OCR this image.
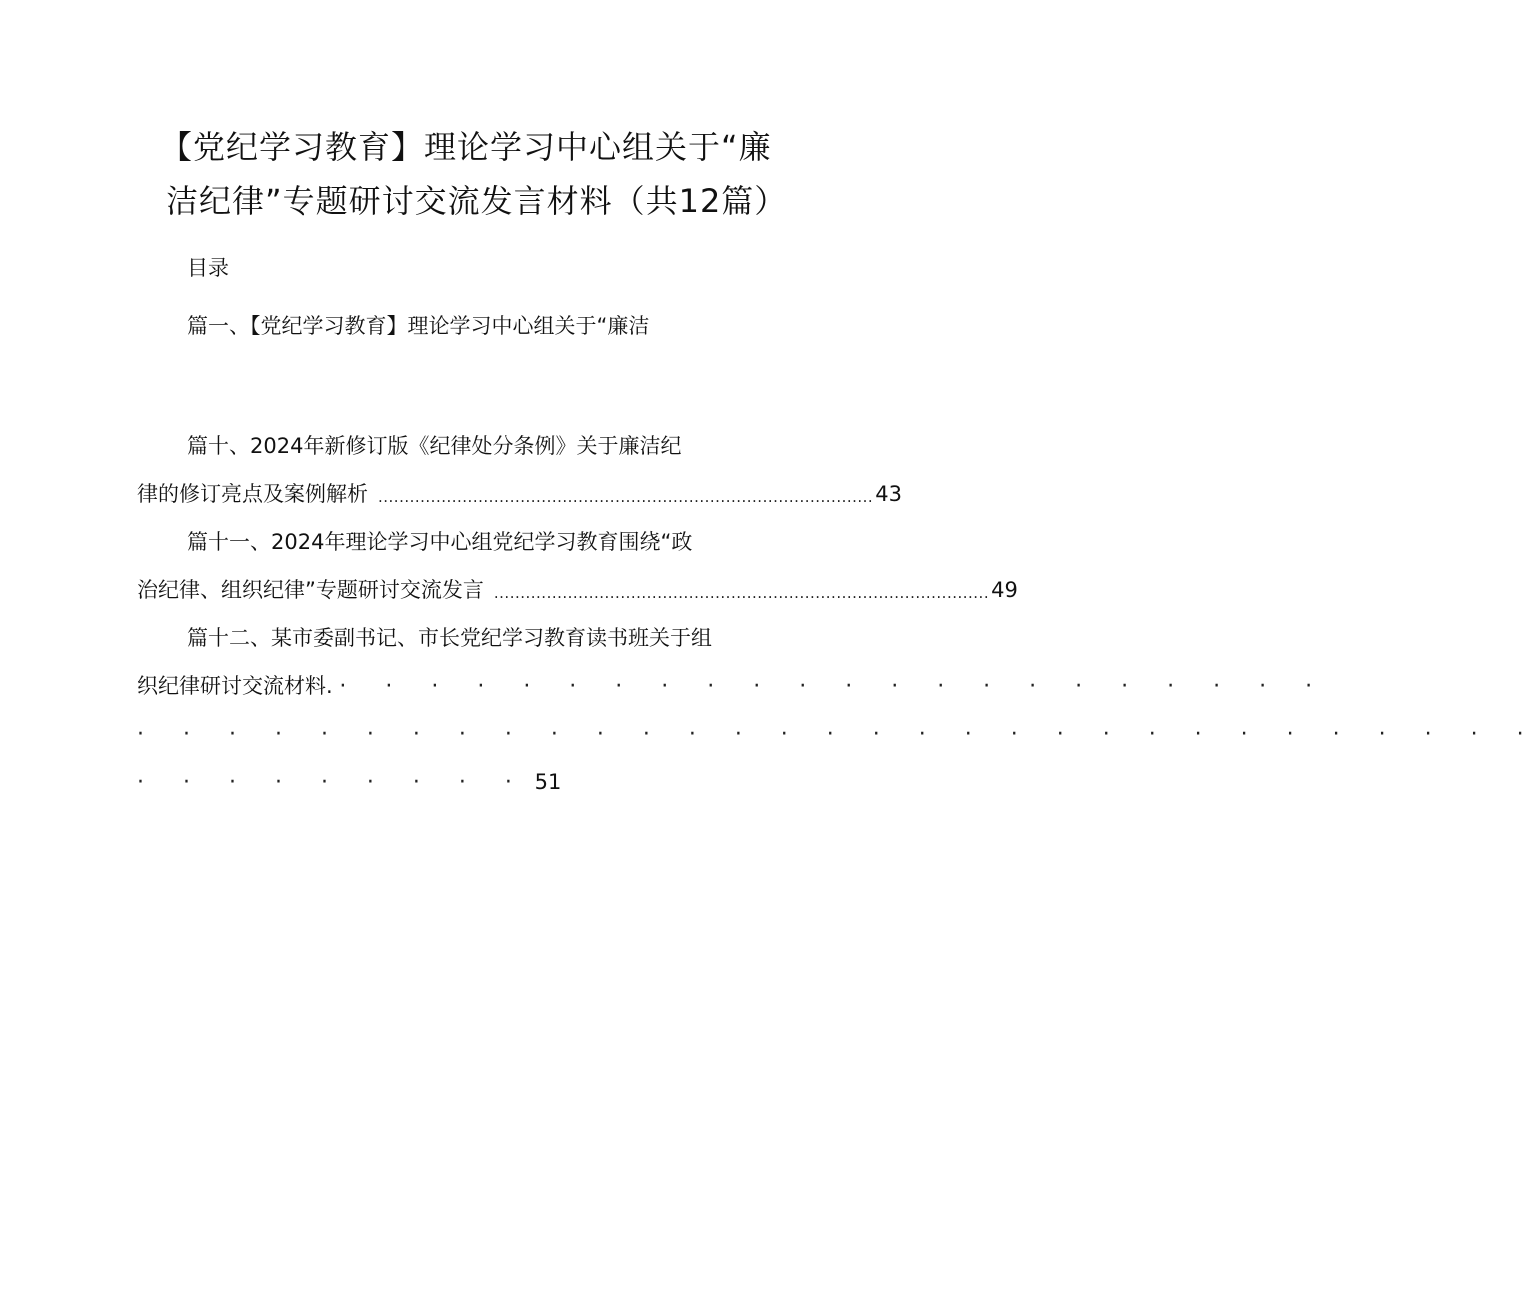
【党纪学习教育】理论学习中心组关于“廉
洁纪律”专题研讨交流发言材料（共12篇）
目录
篇一、【党纪学习教育】理论学习中心组关于“廉洁
篇十、2024年新修订版《纪律处分条例》关于廉洁纪
律的修订亮点及案例解析 .............................................................................................. 43
篇十一、2024年理论学习中心组党纪学习教育围绕“政
治纪律、组织纪律”专题研讨交流发言 .............................................................................................. 49
篇十二、某市委副书记、市长党纪学习教育读书班关于组
织纪律研讨交流材料. · · · · · · · · · · · · · · · · · · · · · ·
· · · · · · · · · · · · · · · · · · · · · · · · · · · · · · ·
· · · · · · · · · 51
